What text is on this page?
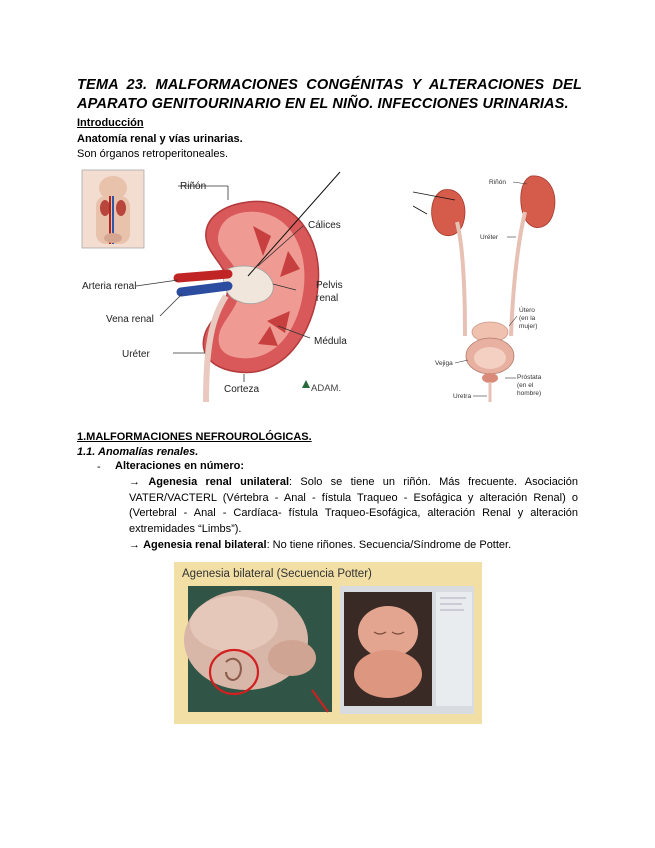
TEMA 23. MALFORMACIONES CONGÉNITAS Y ALTERACIONES DEL
APARATO GENITOURINARIO EN EL NIÑO. INFECCIONES URINARIAS.
Introducción
Anatomía renal y vías urinarias.
Son órganos retroperitoneales.
Riñón
Cálices
Arteria renal	Pelvis
renal
Vena renal
Médula
Uréter
Corteza	ADAM.
Riñón
Uréter
Útero
(en la
mujer)
Vejiga
Próstata
(en el
hombre)
Uretra
1.MALFORMACIONES NEFROUROLÓGICAS.
1.1. Anomalías renales.
- Alteraciones en número:
→ Agenesia renal unilateral: Solo se tiene un riñón. Más frecuente. Asociación VATER/VACTERL (Vértebra - Anal - fístula Traqueo - Esofágica y alteración Renal) o (Vertebral - Anal - Cardíaca- fístula Traqueo-Esofágica, alteración Renal y alteración extremidades “Limbs”).
→ Agenesia renal bilateral: No tiene riñones. Secuencia/Síndrome de Potter.
Agenesia bilateral (Secuencia Potter)
